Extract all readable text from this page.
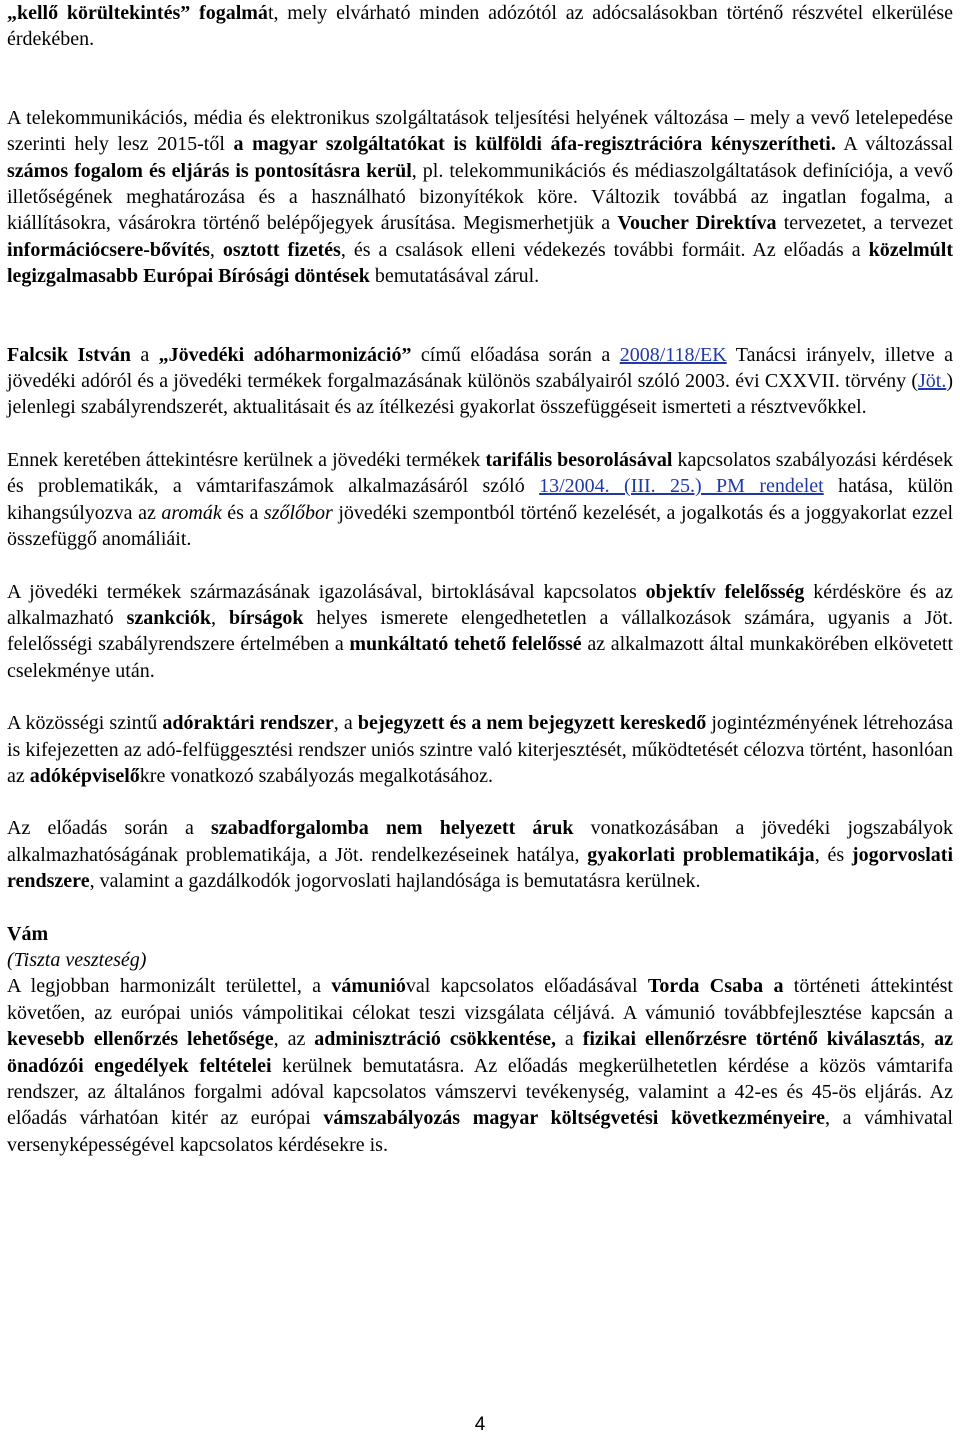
„kellő körültekintés” fogalmát, mely elvárható minden adózótól az adócsalásokban történő részvétel elkerülése érdekében.

A telekommunikációs, média és elektronikus szolgáltatások teljesítési helyének változása – mely a vevő letelepedése szerinti hely lesz 2015-től a magyar szolgáltatókat is külföldi áfa-regisztrációra kényszerítheti. A változással számos fogalom és eljárás is pontosításra kerül, pl. telekommunikációs és médiaszolgáltatások definíciója, a vevő illetőségének meghatározása és a használható bizonyítékok köre. Változik továbbá az ingatlan fogalma, a kiállításokra, vásárokra történő belépőjegyek árusítása. Megismerhetjük a Voucher Direktíva tervezetet, a tervezet információcsere-bővítés, osztott fizetés, és a csalások elleni védekezés további formáit. Az előadás a közelmúlt legizgalmasabb Európai Bírósági döntések bemutatásával zárul.

Falcsik István a „Jövedéki adóharmonizáció” című előadása során a 2008/118/EK Tanácsi irányelv, illetve a jövedéki adóról és a jövedéki termékek forgalmazásának különös szabályairól szóló 2003. évi CXXVII. törvény (Jöt.) jelenlegi szabályrendszerét, aktualitásait és az ítélkezési gyakorlat összefüggéseit ismerteti a résztvevőkkel.

Ennek keretében áttekintésre kerülnek a jövedéki termékek tarifális besorolásával kapcsolatos szabályozási kérdések és problematikák, a vámtarifaszámok alkalmazásáról szóló 13/2004. (III. 25.) PM rendelet hatása, külön kihangsúlyozva az aromák és a szőlőbor jövedéki szempontból történő kezelését, a jogalkotás és a joggyakorlat ezzel összefüggő anomáliáit.

A jövedéki termékek származásának igazolásával, birtoklásával kapcsolatos objektív felelősség kérdésköre és az alkalmazható szankciók, bírságok helyes ismerete elengedhetetlen a vállalkozások számára, ugyanis a Jöt. felelősségi szabályrendszere értelmében a munkáltató tehető felelőssé az alkalmazott által munkakörében elkövetett cselekménye után.

A közösségi szintű adóraktári rendszer, a bejegyzett és a nem bejegyzett kereskedő jogintézményének létrehozása is kifejezetten az adó-felfüggesztési rendszer uniós szintre való kiterjesztését, működtetését célozva történt, hasonlóan az adóképviselőkre vonatkozó szabályozás megalkotásához.

Az előadás során a szabadforgalomba nem helyezett áruk vonatkozásában a jövedéki jogszabályok alkalmazhatóságának problematikája, a Jöt. rendelkezéseinek hatálya, gyakorlati problematikája, és jogorvoslati rendszere, valamint a gazdálkodók jogorvoslati hajlandósága is bemutatásra kerülnek.

Vám

(Tiszta veszteség)

A legjobban harmonizált területtel, a vámunióval kapcsolatos előadásával Torda Csaba a történeti áttekintést követően, az európai uniós vámpolitikai célokat teszi vizsgálata céljává. A vámunió továbbfejlesztése kapcsán a kevesebb ellenőrzés lehetősége, az adminisztráció csökkentése, a fizikai ellenőrzésre történő kiválasztás, az önadózói engedélyek feltételei kerülnek bemutatásra. Az előadás megkerülhetetlen kérdése a közös vámtarifa rendszer, az általános forgalmi adóval kapcsolatos vámszervi tevékenység, valamint a 42-es és 45-ös eljárás. Az előadás várhatóan kitér az európai vámszabályozás magyar költségvetési következményeire, a vámhivatal versenyképességével kapcsolatos kérdésekre is.

4
